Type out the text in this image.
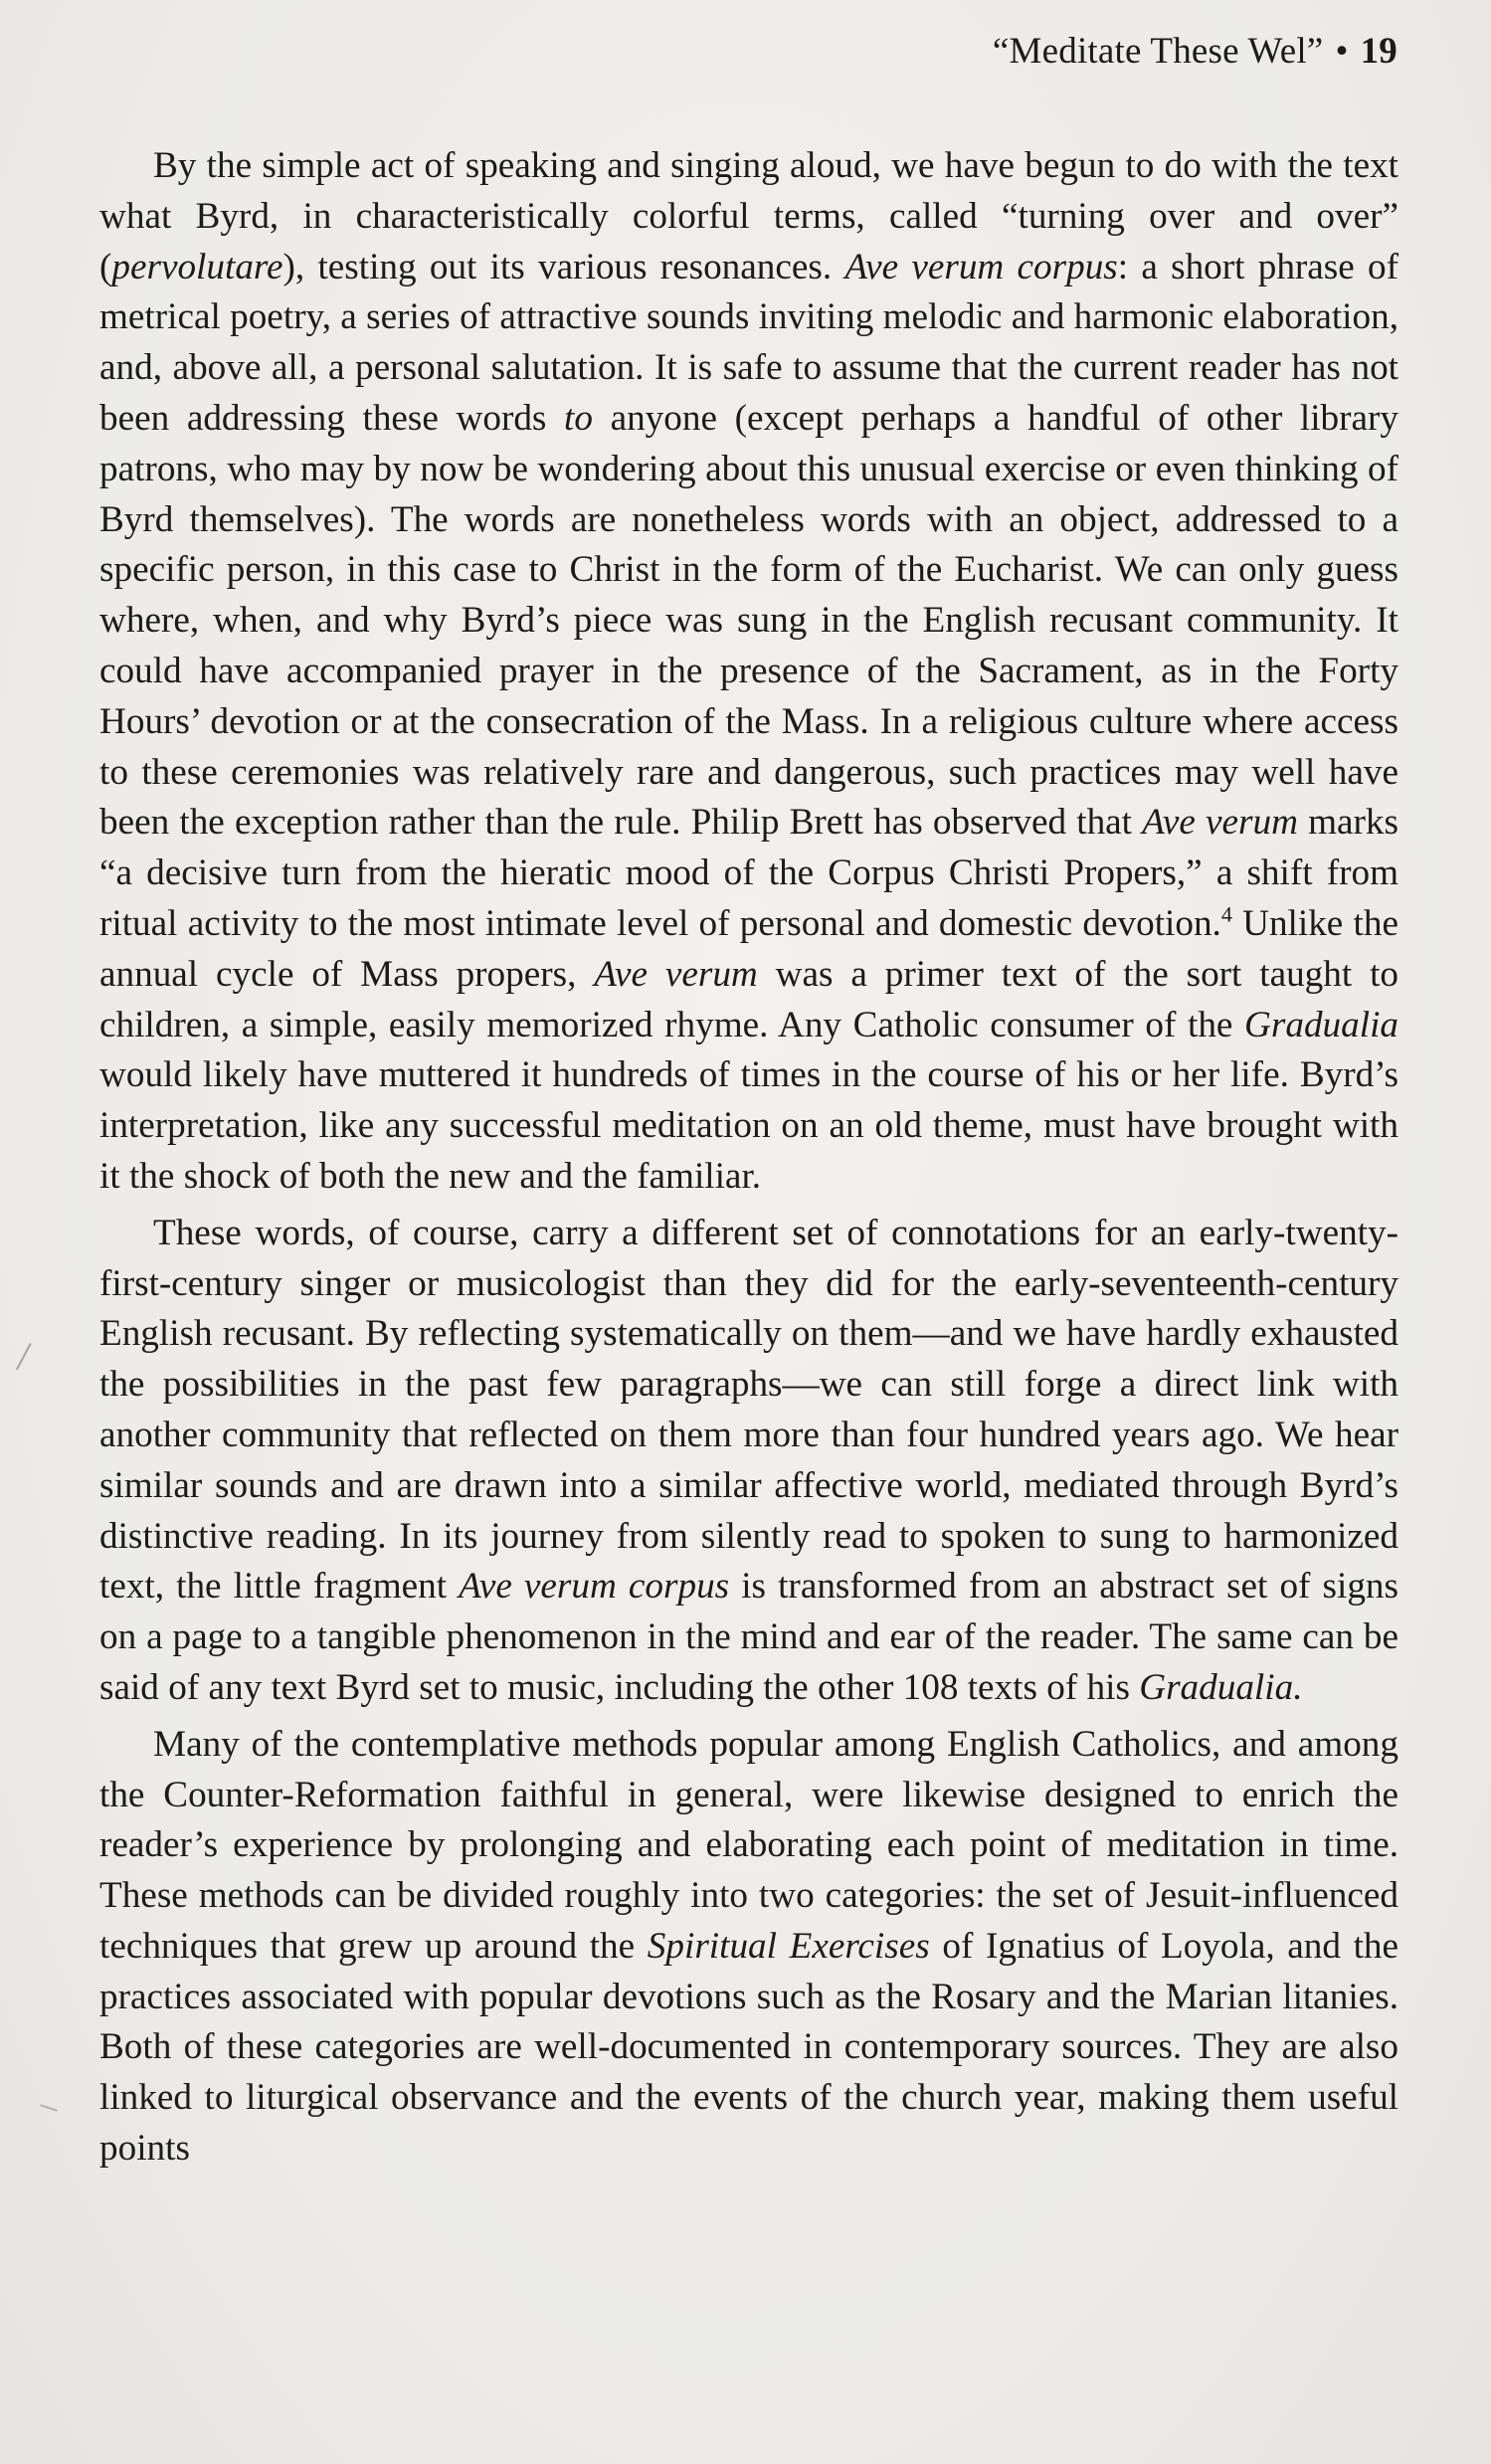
“Meditate These Wel” • 19

By the simple act of speaking and singing aloud, we have begun to do with the text what Byrd, in characteristically colorful terms, called “turning over and over” (pervolutare), testing out its various resonances. Ave verum corpus: a short phrase of metrical poetry, a series of attractive sounds inviting melodic and harmonic elaboration, and, above all, a personal salutation. It is safe to assume that the current reader has not been addressing these words to anyone (except perhaps a handful of other library patrons, who may by now be wondering about this unusual exercise or even thinking of Byrd themselves). The words are nonetheless words with an object, addressed to a specific person, in this case to Christ in the form of the Eucharist. We can only guess where, when, and why Byrd’s piece was sung in the English recusant community. It could have accompanied prayer in the presence of the Sacrament, as in the Forty Hours’ devotion or at the consecration of the Mass. In a religious culture where access to these ceremonies was relatively rare and dangerous, such practices may well have been the exception rather than the rule. Philip Brett has observed that Ave verum marks “a decisive turn from the hieratic mood of the Corpus Christi Propers,” a shift from ritual activity to the most intimate level of personal and domestic devotion.$^4$ Unlike the annual cycle of Mass propers, Ave verum was a primer text of the sort taught to children, a simple, easily memorized rhyme. Any Catholic consumer of the Gradualia would likely have muttered it hundreds of times in the course of his or her life. Byrd’s interpretation, like any successful meditation on an old theme, must have brought with it the shock of both the new and the familiar.

These words, of course, carry a different set of connotations for an early-twenty-first-century singer or musicologist than they did for the early-seventeenth-century English recusant. By reflecting systematically on them—and we have hardly exhausted the possibilities in the past few paragraphs—we can still forge a direct link with another community that reflected on them more than four hundred years ago. We hear similar sounds and are drawn into a similar affective world, mediated through Byrd’s distinctive reading. In its journey from silently read to spoken to sung to harmonized text, the little fragment Ave verum corpus is transformed from an abstract set of signs on a page to a tangible phenomenon in the mind and ear of the reader. The same can be said of any text Byrd set to music, including the other 108 texts of his Gradualia.

Many of the contemplative methods popular among English Catholics, and among the Counter-Reformation faithful in general, were likewise designed to enrich the reader’s experience by prolonging and elaborating each point of meditation in time. These methods can be divided roughly into two categories: the set of Jesuit-influenced techniques that grew up around the Spiritual Exercises of Ignatius of Loyola, and the practices associated with popular devotions such as the Rosary and the Marian litanies. Both of these categories are well-documented in contemporary sources. They are also linked to liturgical observance and the events of the church year, making them useful points
